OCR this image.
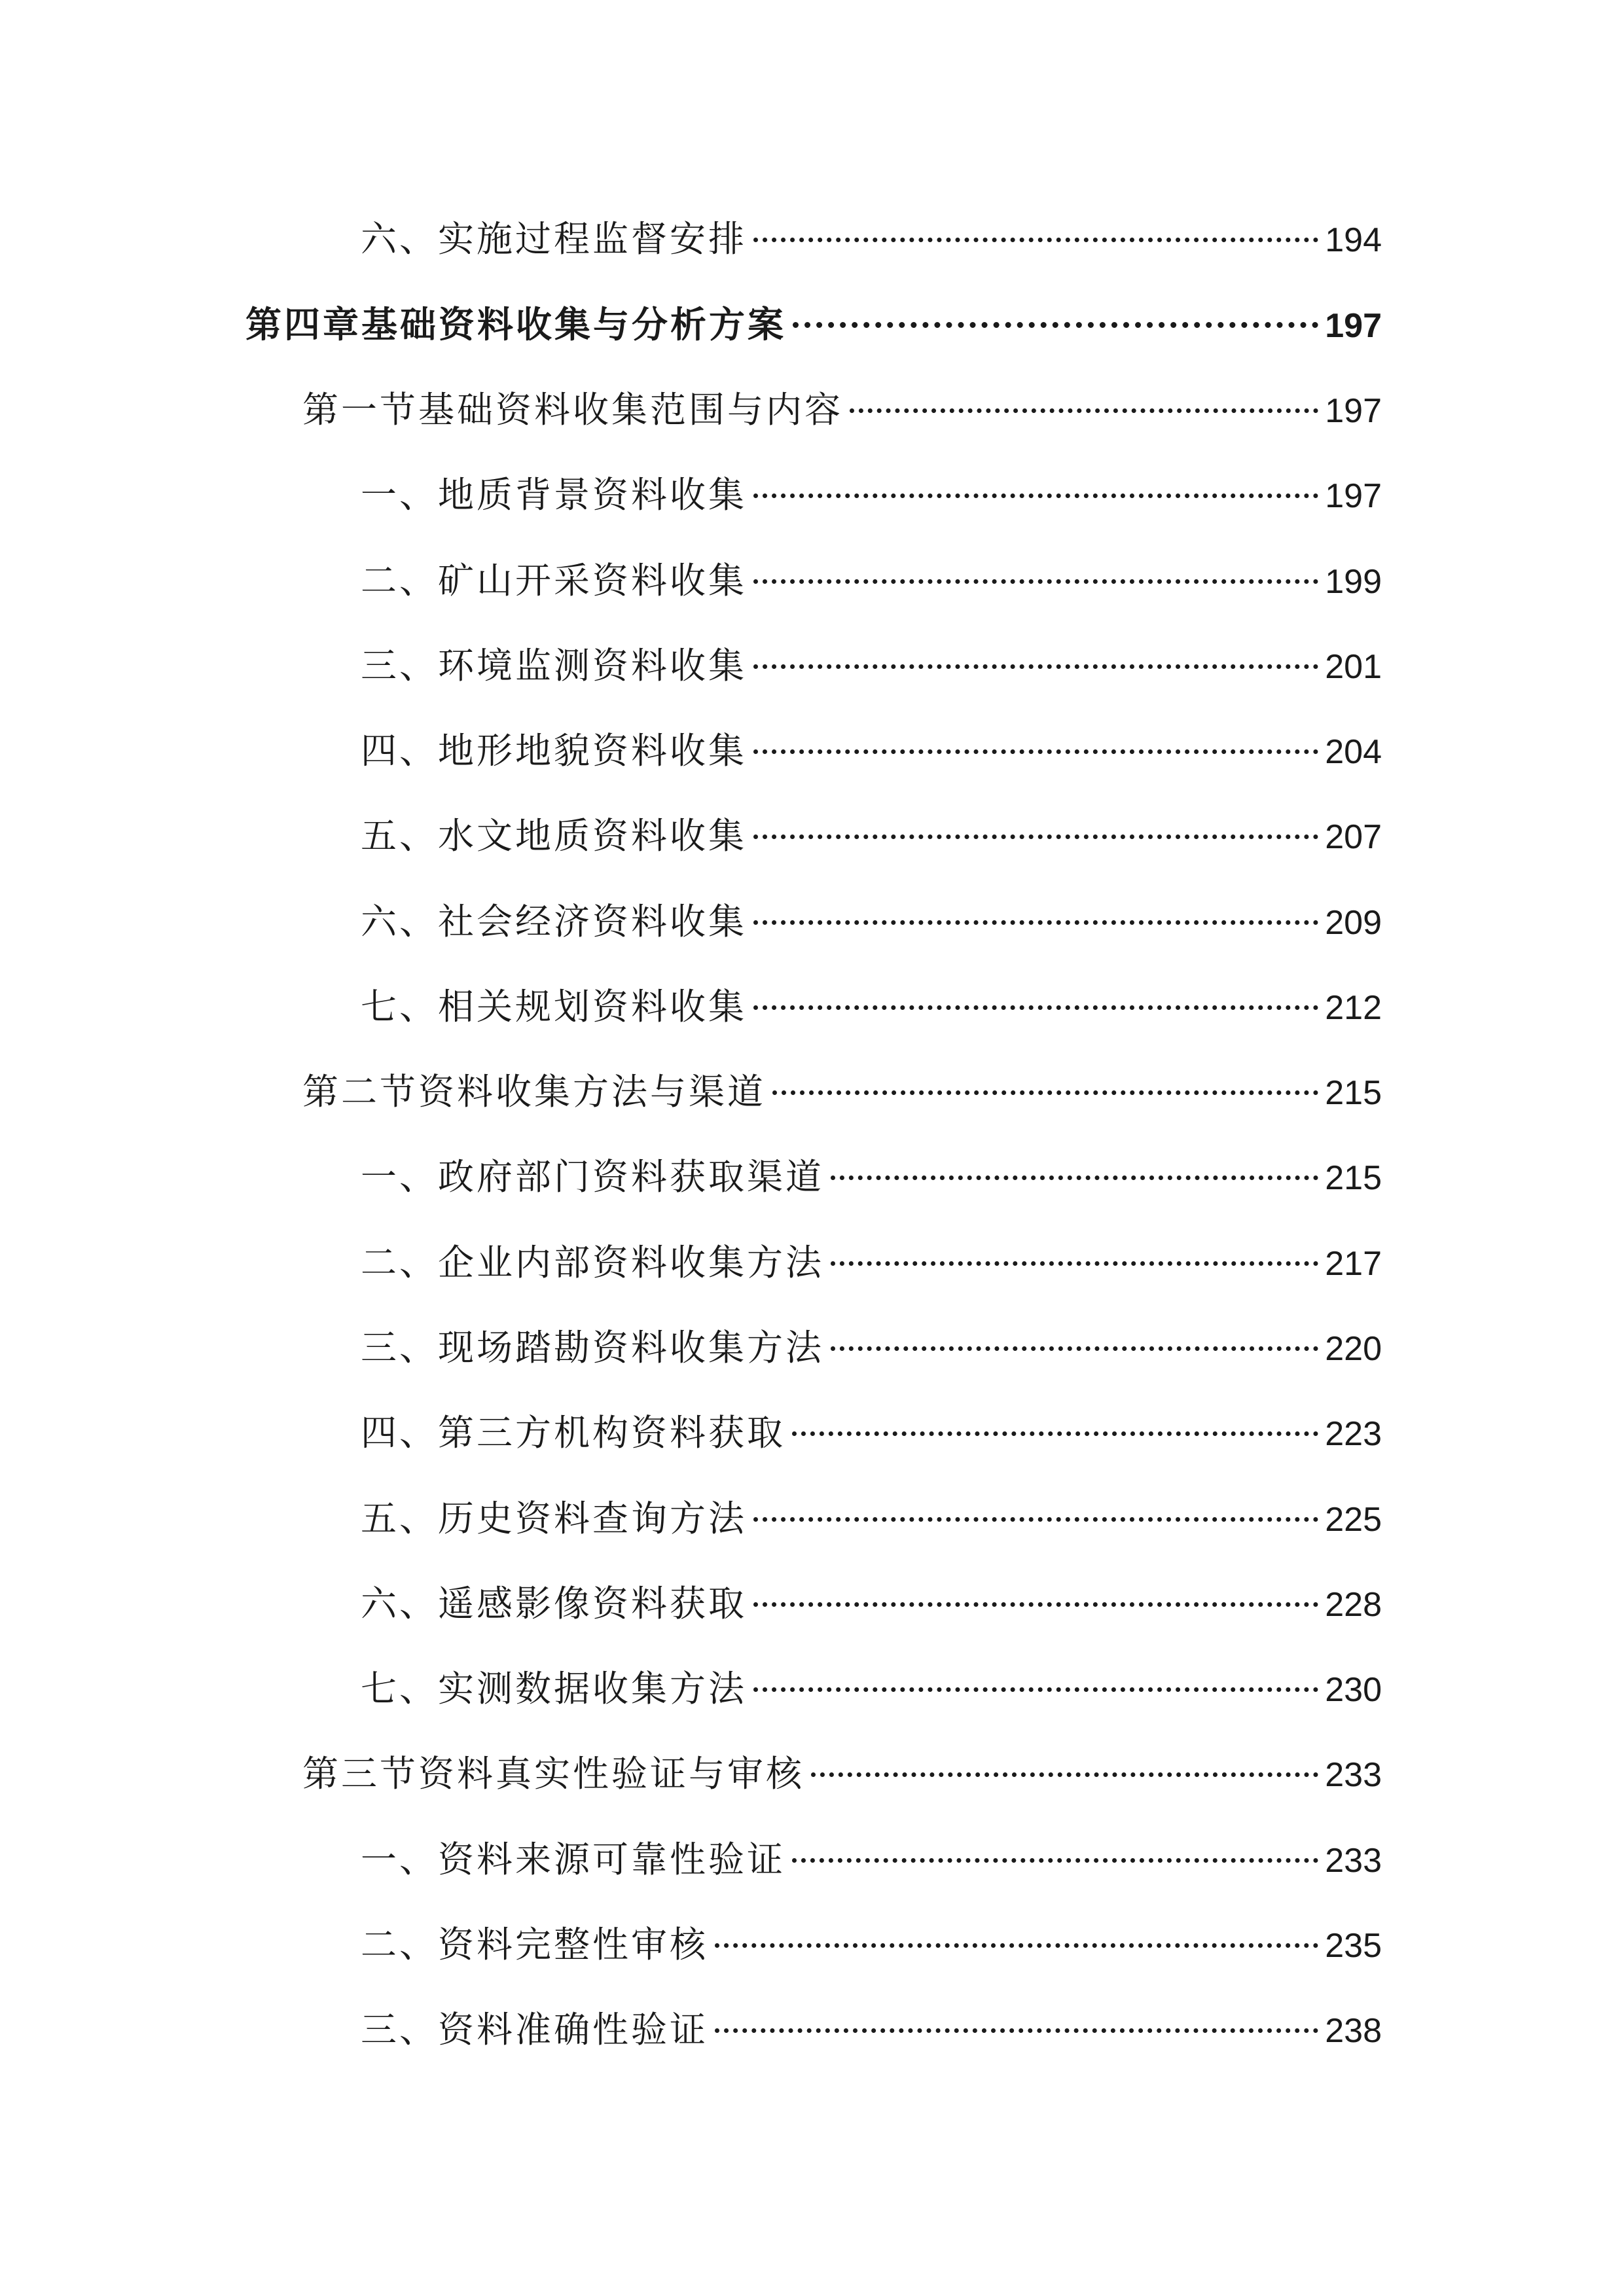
六、实施过程监督安排	194
第四章基础资料收集与分析方案	197
第一节基础资料收集范围与内容	197
一、地质背景资料收集	197
二、矿山开采资料收集	199
三、环境监测资料收集	201
四、地形地貌资料收集	204
五、水文地质资料收集	207
六、社会经济资料收集	209
七、相关规划资料收集	212
第二节资料收集方法与渠道	215
一、政府部门资料获取渠道	215
二、企业内部资料收集方法	217
三、现场踏勘资料收集方法	220
四、第三方机构资料获取	223
五、历史资料查询方法	225
六、遥感影像资料获取	228
七、实测数据收集方法	230
第三节资料真实性验证与审核	233
一、资料来源可靠性验证	233
二、资料完整性审核	235
三、资料准确性验证	238
